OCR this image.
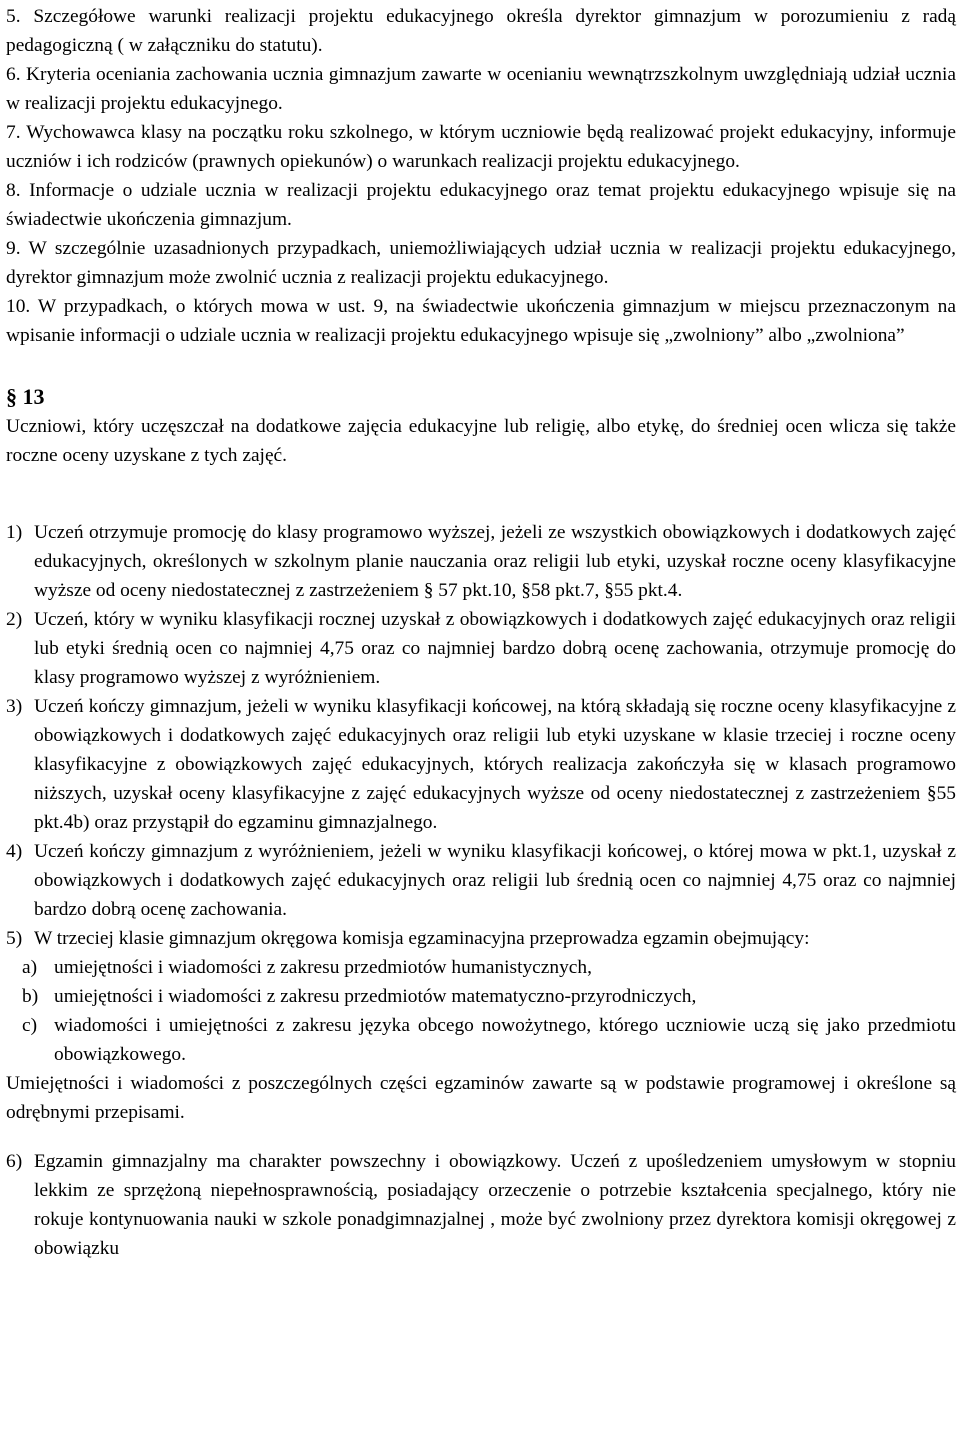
5. Szczegółowe warunki realizacji projektu edukacyjnego określa dyrektor gimnazjum w porozumieniu z radą pedagogiczną ( w załączniku do statutu).

6. Kryteria oceniania zachowania ucznia gimnazjum zawarte w ocenianiu wewnątrzszkolnym uwzględniają udział ucznia w realizacji projektu edukacyjnego.

7. Wychowawca klasy na początku roku szkolnego, w którym uczniowie będą realizować projekt edukacyjny, informuje uczniów i ich rodziców (prawnych opiekunów) o warunkach realizacji projektu edukacyjnego.

8. Informacje o udziale ucznia w realizacji projektu edukacyjnego oraz temat projektu edukacyjnego wpisuje się na świadectwie ukończenia gimnazjum.

9. W szczególnie uzasadnionych przypadkach, uniemożliwiających udział ucznia w realizacji projektu edukacyjnego, dyrektor gimnazjum może zwolnić ucznia z realizacji projektu edukacyjnego.

10. W przypadkach, o których mowa w ust. 9, na świadectwie ukończenia gimnazjum w miejscu przeznaczonym na wpisanie informacji o udziale ucznia w realizacji projektu edukacyjnego wpisuje się „zwolniony” albo „zwolniona”

§ 13

Uczniowi, który uczęszczał na dodatkowe zajęcia edukacyjne lub religię, albo etykę, do średniej ocen wlicza się także roczne oceny uzyskane z tych zajęć.

1) Uczeń otrzymuje promocję do klasy programowo wyższej, jeżeli ze wszystkich obowiązkowych i dodatkowych zajęć edukacyjnych, określonych w szkolnym planie nauczania oraz religii lub etyki, uzyskał roczne oceny klasyfikacyjne wyższe od oceny niedostatecznej z zastrzeżeniem § 57 pkt.10, §58 pkt.7, §55 pkt.4.
2) Uczeń, który w wyniku klasyfikacji rocznej uzyskał z obowiązkowych i dodatkowych zajęć edukacyjnych oraz religii lub etyki średnią ocen co najmniej 4,75 oraz co najmniej bardzo dobrą ocenę zachowania, otrzymuje promocję do klasy programowo wyższej z wyróżnieniem.
3) Uczeń kończy gimnazjum, jeżeli w wyniku klasyfikacji końcowej, na którą składają się roczne oceny klasyfikacyjne z obowiązkowych i dodatkowych zajęć edukacyjnych oraz religii lub etyki uzyskane w klasie trzeciej i roczne oceny klasyfikacyjne z obowiązkowych zajęć edukacyjnych, których realizacja zakończyła się w klasach programowo niższych, uzyskał oceny klasyfikacyjne z zajęć edukacyjnych wyższe od oceny niedostatecznej z zastrzeżeniem §55 pkt.4b) oraz przystąpił do egzaminu gimnazjalnego.
4) Uczeń kończy gimnazjum z wyróżnieniem, jeżeli w wyniku klasyfikacji końcowej, o której mowa w pkt.1, uzyskał z obowiązkowych i dodatkowych zajęć edukacyjnych oraz religii lub średnią ocen co najmniej 4,75 oraz co najmniej bardzo dobrą ocenę zachowania.
5) W trzeciej klasie gimnazjum okręgowa komisja egzaminacyjna przeprowadza egzamin obejmujący:
a) umiejętności i wiadomości z zakresu przedmiotów humanistycznych,
b) umiejętności i wiadomości z zakresu przedmiotów matematyczno-przyrodniczych,
c) wiadomości i umiejętności z zakresu języka obcego nowożytnego, którego uczniowie uczą się jako przedmiotu obowiązkowego.

Umiejętności i wiadomości z poszczególnych części egzaminów zawarte są w podstawie programowej i określone są odrębnymi przepisami.

6) Egzamin gimnazjalny ma charakter powszechny i obowiązkowy. Uczeń z upośledzeniem umysłowym w stopniu lekkim ze sprzężoną niepełnosprawnością, posiadający orzeczenie o potrzebie kształcenia specjalnego, który nie rokuje kontynuowania nauki w szkole ponadgimnazjalnej , może być zwolniony przez dyrektora komisji okręgowej z obowiązku
